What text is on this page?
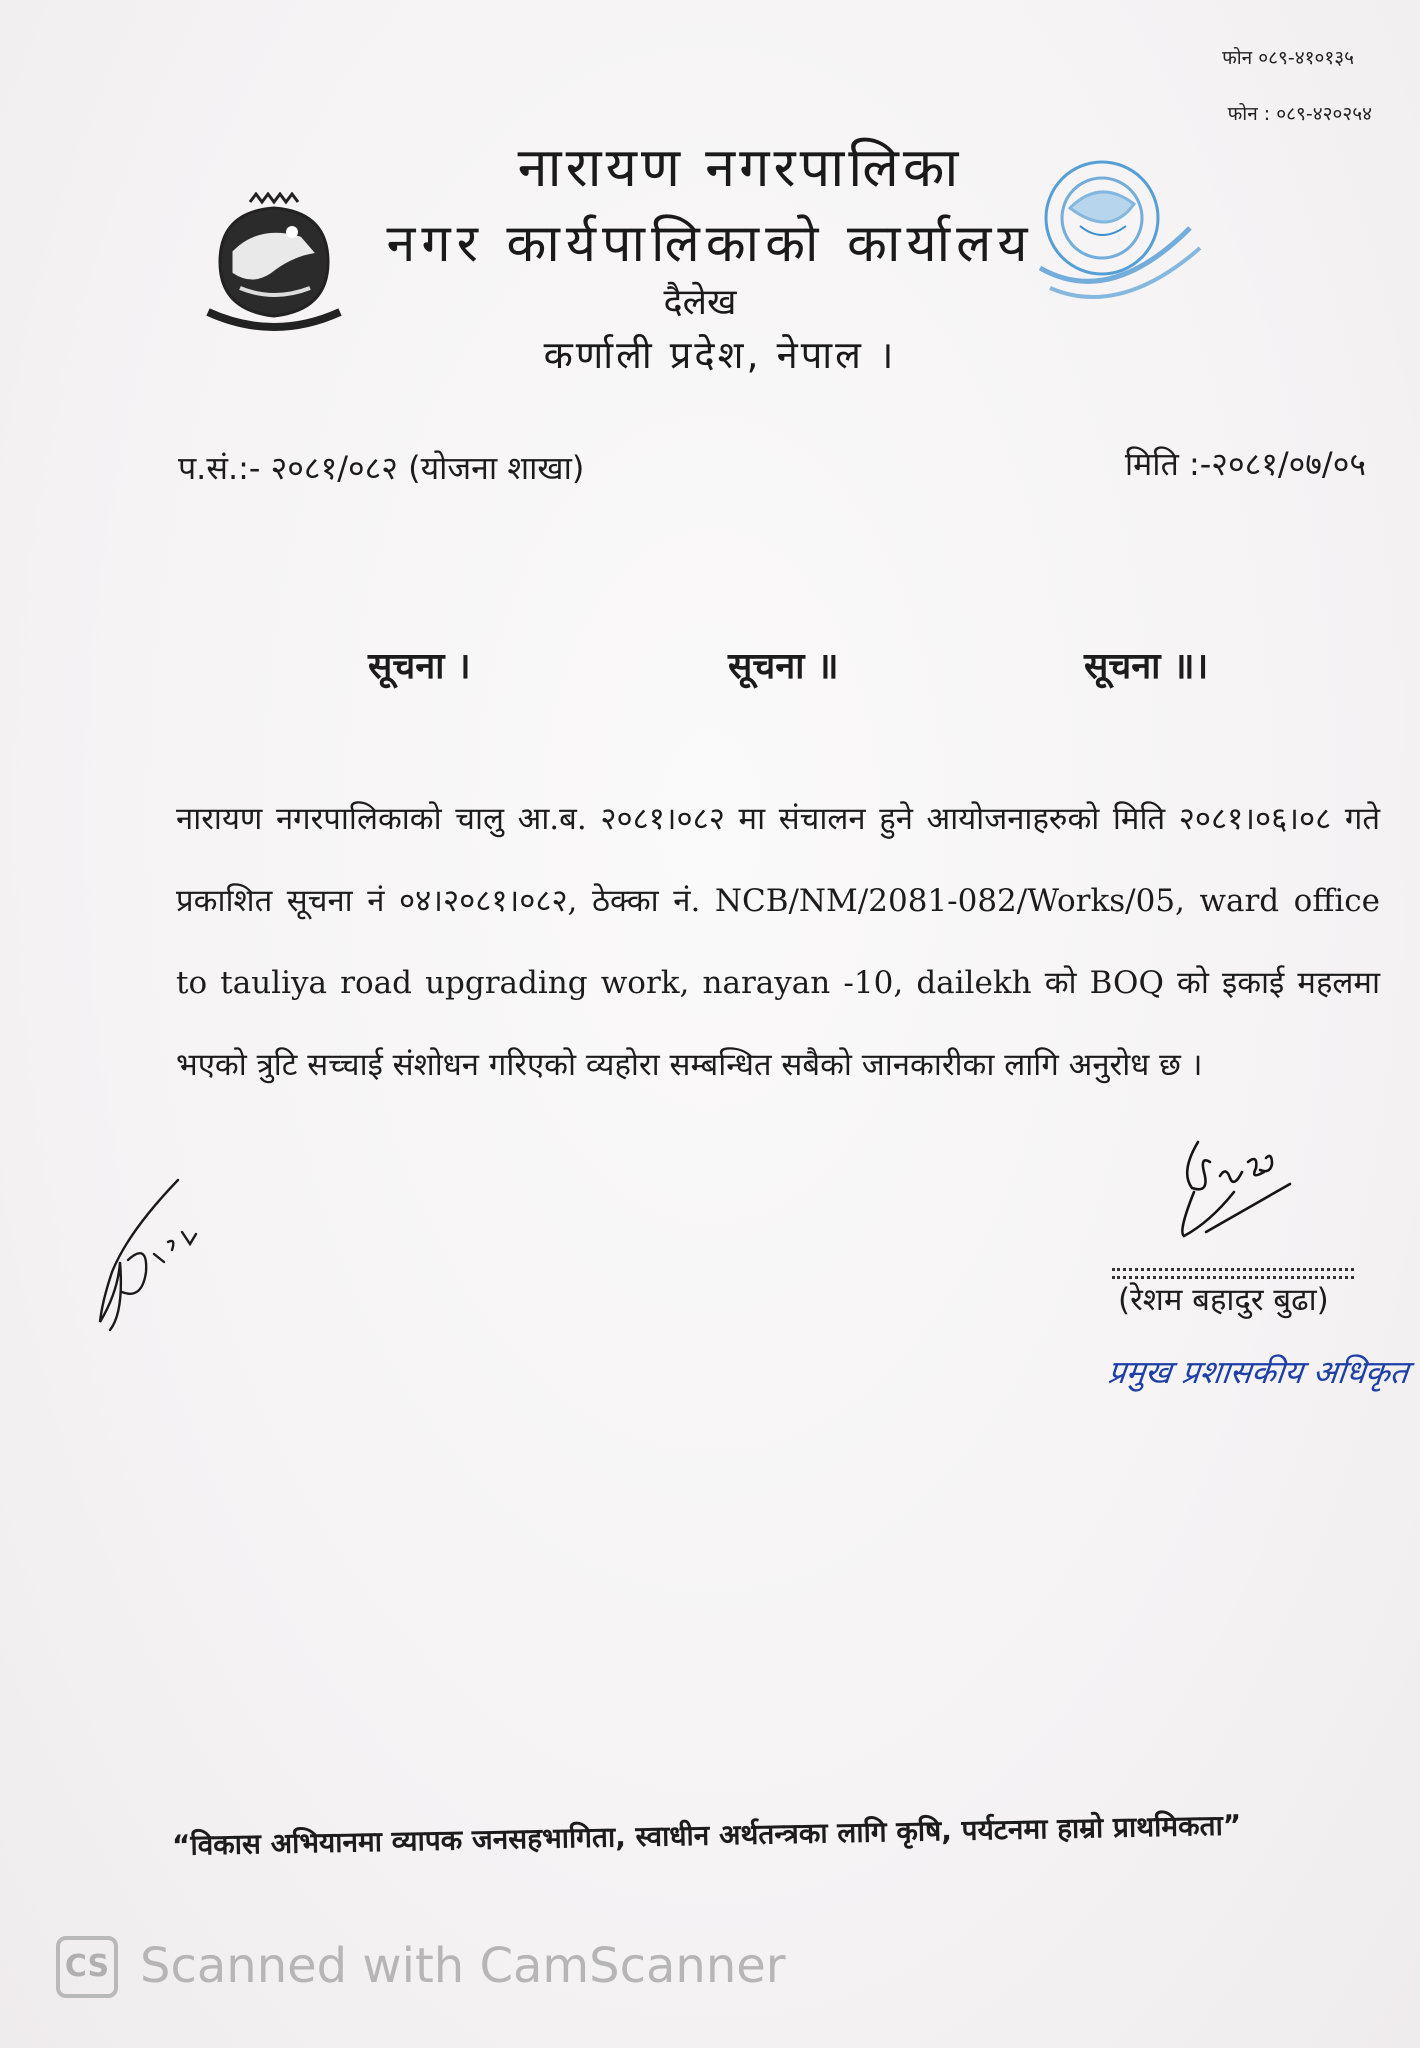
फोन ०८९-४१०१३५
फोन : ०८९-४२०२५४
नारायण नगरपालिका
नगर कार्यपालिकाको कार्यालय
दैलेख
कर्णाली प्रदेश, नेपाल ।
प.सं.:- २०८१/०८२ (योजना शाखा)	मिति :-२०८१/०७/०५
सूचना ।	सूचना ॥	सूचना ॥।
नारायण नगरपालिकाको चालु आ.ब. २०८१।०८२ मा संचालन हुने आयोजनाहरुको मिति २०८१।०६।०८ गते प्रकाशित सूचना नं ०४।२०८१।०८२, ठेक्का नं. NCB/NM/2081-082/Works/05, ward office to tauliya road upgrading work, narayan -10, dailekh को BOQ को इकाई महलमा भएको त्रुटि सच्चाई संशोधन गरिएको व्यहोरा सम्बन्धित सबैको जानकारीका लागि अनुरोध छ ।
(रेशम बहादुर बुढा)
प्रमुख प्रशासकीय अधिकृत
“विकास अभियानमा व्यापक जनसहभागिता, स्वाधीन अर्थतन्त्रका लागि कृषि, पर्यटनमा हाम्रो प्राथमिकता”
CS Scanned with CamScanner
